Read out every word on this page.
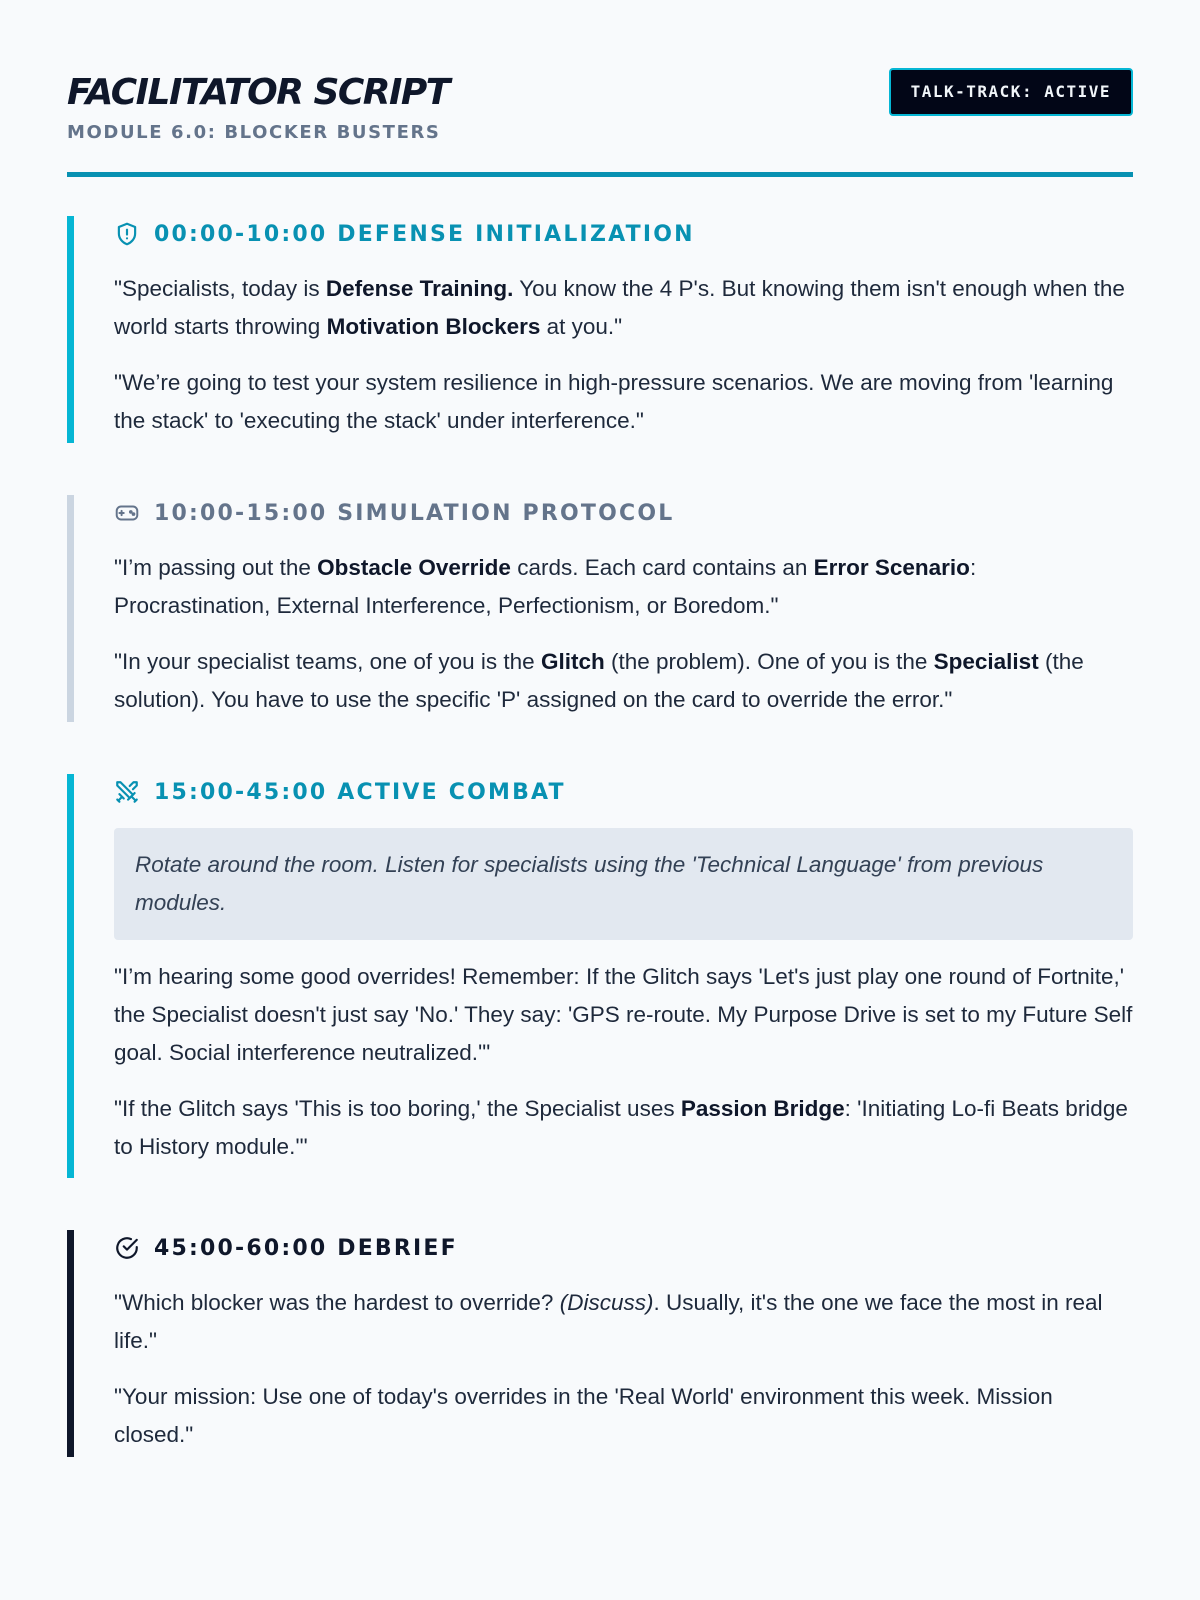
FACILITATOR SCRIPT
MODULE 6.0: BLOCKER BUSTERS
TALK-TRACK: ACTIVE
00:00-10:00 DEFENSE INITIALIZATION

"Specialists, today is Defense Training. You know the 4 P's. But knowing them isn't enough when the world starts throwing Motivation Blockers at you."

"We’re going to test your system resilience in high-pressure scenarios. We are moving from 'learning the stack' to 'executing the stack' under interference."

10:00-15:00 SIMULATION PROTOCOL

"I’m passing out the Obstacle Override cards. Each card contains an Error Scenario: Procrastination, External Interference, Perfectionism, or Boredom."

"In your specialist teams, one of you is the Glitch (the problem). One of you is the Specialist (the solution). You have to use the specific 'P' assigned on the card to override the error."

15:00-45:00 ACTIVE COMBAT
Rotate around the room. Listen for specialists using the 'Technical Language' from previous modules.

"I’m hearing some good overrides! Remember: If the Glitch says 'Let's just play one round of Fortnite,' the Specialist doesn't just say 'No.' They say: 'GPS re-route. My Purpose Drive is set to my Future Self goal. Social interference neutralized.'"

"If the Glitch says 'This is too boring,' the Specialist uses Passion Bridge: 'Initiating Lo-fi Beats bridge to History module.'"

45:00-60:00 DEBRIEF

"Which blocker was the hardest to override? (Discuss). Usually, it's the one we face the most in real life."

"Your mission: Use one of today's overrides in the 'Real World' environment this week. Mission closed."
